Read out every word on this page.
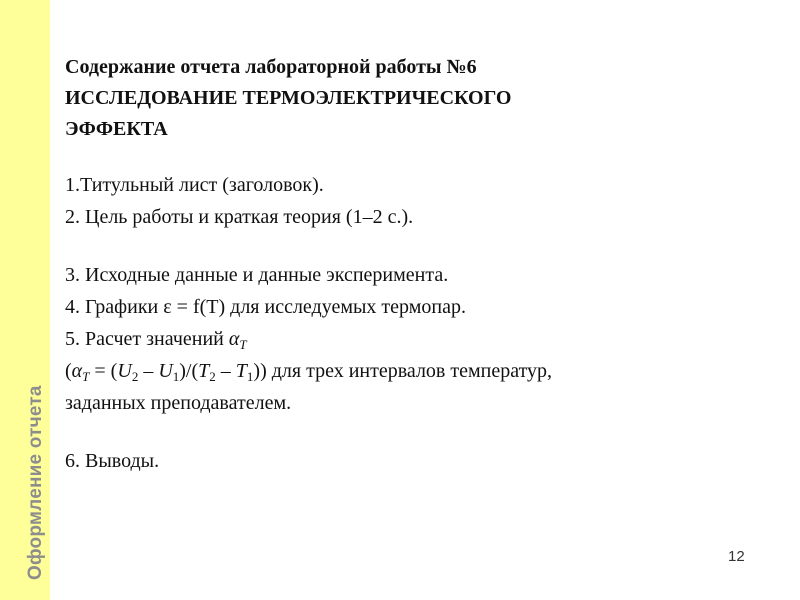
Оформление отчета
Содержание отчета лабораторной работы №6
ИССЛЕДОВАНИЕ ТЕРМОЭЛЕКТРИЧЕСКОГО
ЭФФЕКТА
1.Титульный лист (заголовок).
2. Цель работы и краткая теория (1–2 с.).
3. Исходные данные и данные эксперимента.
4. Графики ε = f(T) для исследуемых термопар.
5. Расчет значений $\alpha_T$
$(\alpha_T = (U_2 - U_1)/(T_2 - T_1))$ для трех интервалов температур,
заданных преподавателем.
6. Выводы.
12
